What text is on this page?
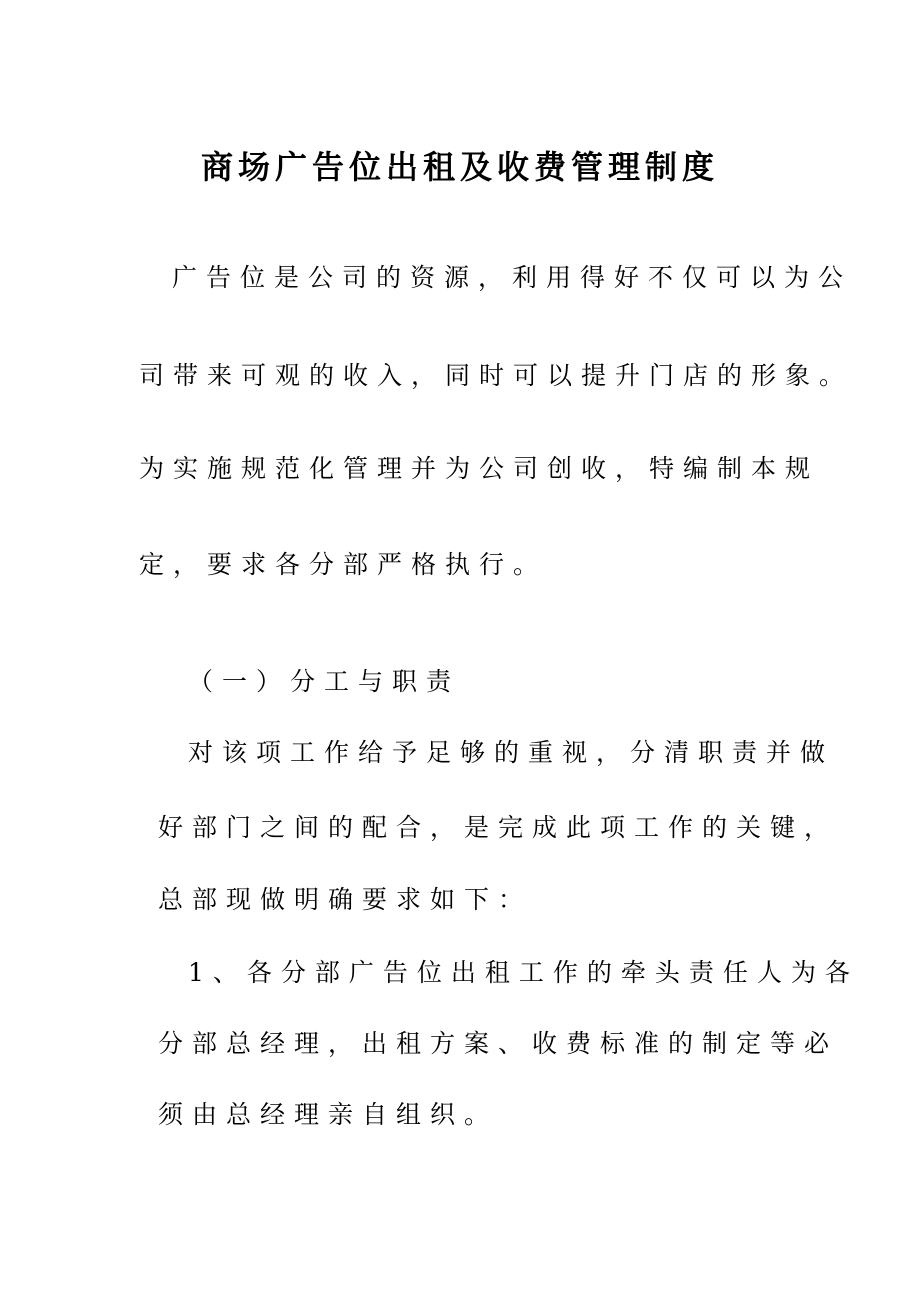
商场广告位出租及收费管理制度
广告位是公司的资源，利用得好不仅可以为公
司带来可观的收入，同时可以提升门店的形象。
为实施规范化管理并为公司创收，特编制本规
定，要求各分部严格执行。
（一）分工与职责
对该项工作给予足够的重视，分清职责并做
好部门之间的配合，是完成此项工作的关键，
总部现做明确要求如下：
1、各分部广告位出租工作的牵头责任人为各
分部总经理，出租方案、收费标准的制定等必
须由总经理亲自组织。
